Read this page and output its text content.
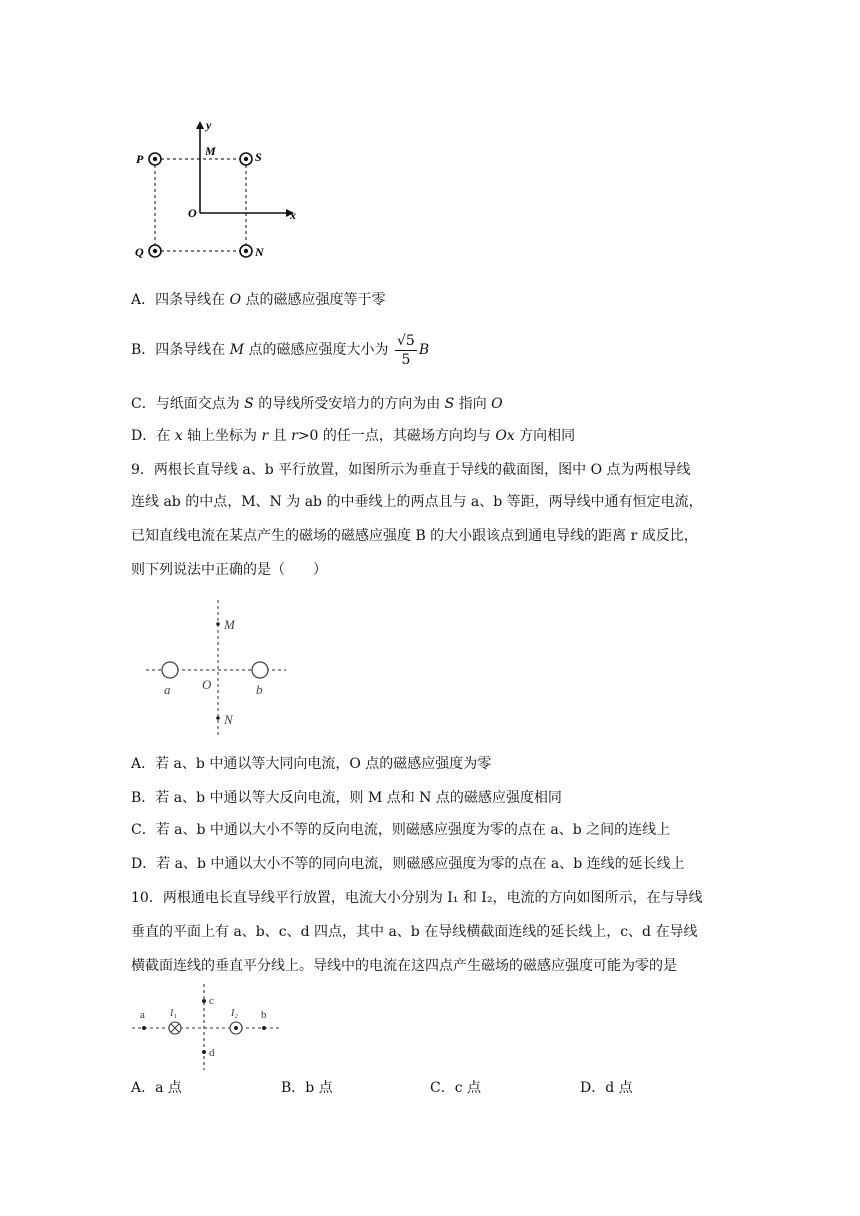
y
x
O
M
P	S
Q	N
A．四条导线在 O 点的磁感应强度等于零
B．四条导线在 M 点的磁感应强度大小为 $\frac{√5}{5}$ B
C．与纸面交点为 S 的导线所受安培力的方向为由 S 指向 O
D．在 x 轴上坐标为 r 且 r>0 的任一点，其磁场方向均与 Ox 方向相同
9．两根长直导线 a、b 平行放置，如图所示为垂直于导线的截面图，图中 O 点为两根导线
连线 ab 的中点，M、N 为 ab 的中垂线上的两点且与 a、b 等距，两导线中通有恒定电流，
已知直线电流在某点产生的磁场的磁感应强度 B 的大小跟该点到通电导线的距离 r 成反比，
则下列说法中正确的是（　　）
M
N
O
a	b
A．若 a、b 中通以等大同向电流，O 点的磁感应强度为零
B．若 a、b 中通以等大反向电流，则 M 点和 N 点的磁感应强度相同
C．若 a、b 中通以大小不等的反向电流，则磁感应强度为零的点在 a、b 之间的连线上
D．若 a、b 中通以大小不等的同向电流，则磁感应强度为零的点在 a、b 连线的延长线上
10．两根通电长直导线平行放置，电流大小分别为 I₁ 和 I₂，电流的方向如图所示，在与导线
垂直的平面上有 a、b、c、d 四点，其中 a、b 在导线横截面连线的延长线上，c、d 在导线
横截面连线的垂直平分线上。导线中的电流在这四点产生磁场的磁感应强度可能为零的是
a	b
c
d
I₁	I₂
A．a 点	B．b 点	C．c 点	D．d 点
